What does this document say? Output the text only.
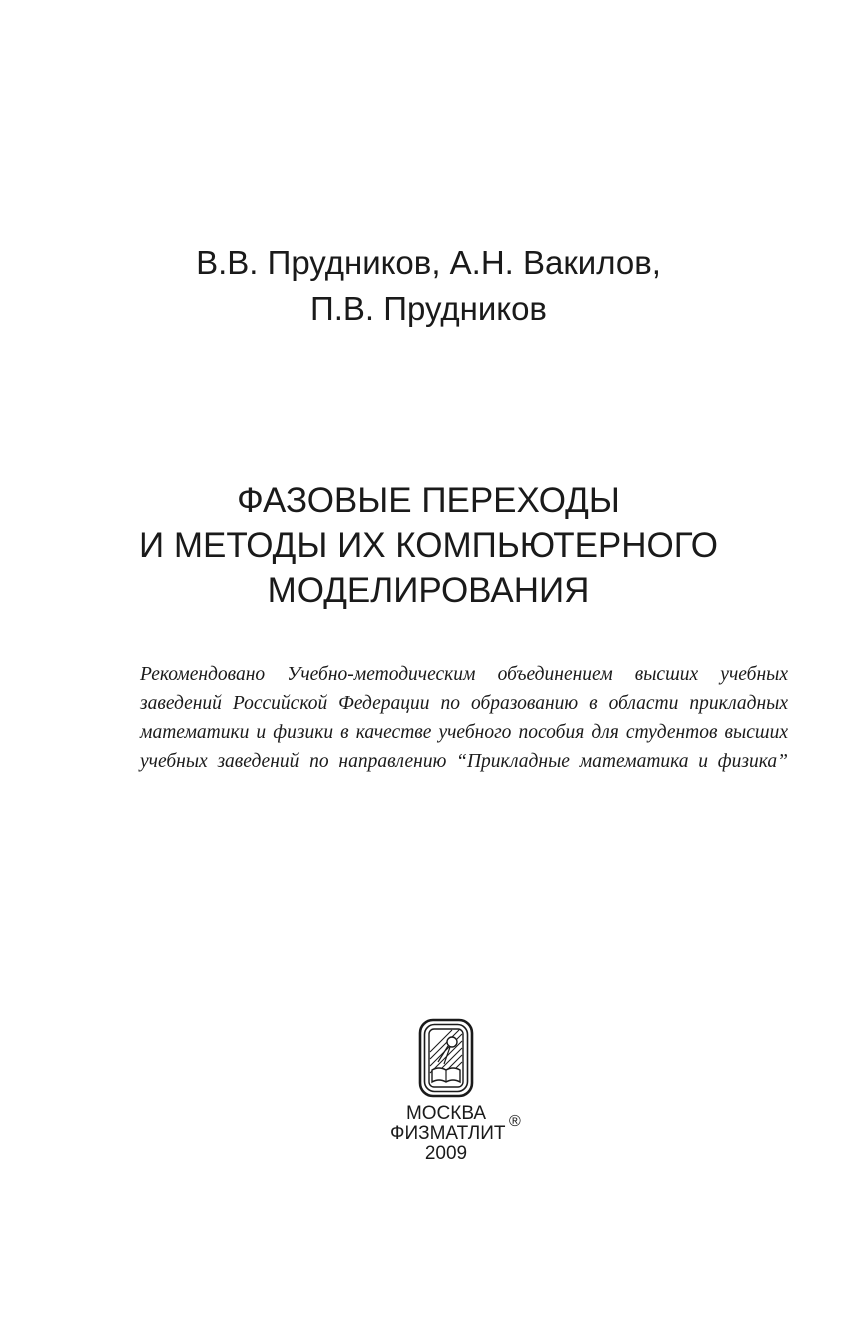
В.В. Прудников, А.Н. Вакилов,
П.В. Прудников
ФАЗОВЫЕ ПЕРЕХОДЫ
И МЕТОДЫ ИХ КОМПЬЮТЕРНОГО
МОДЕЛИРОВАНИЯ
Рекомендовано Учебно-методическим объединением высших учебных
заведений Российской Федерации по образованию в области прикладных
математики и физики в качестве учебного пособия для студентов высших
учебных заведений по направлению “Прикладные математика и физика”
МОСКВА
ФИЗМАТЛИТ
2009
®
